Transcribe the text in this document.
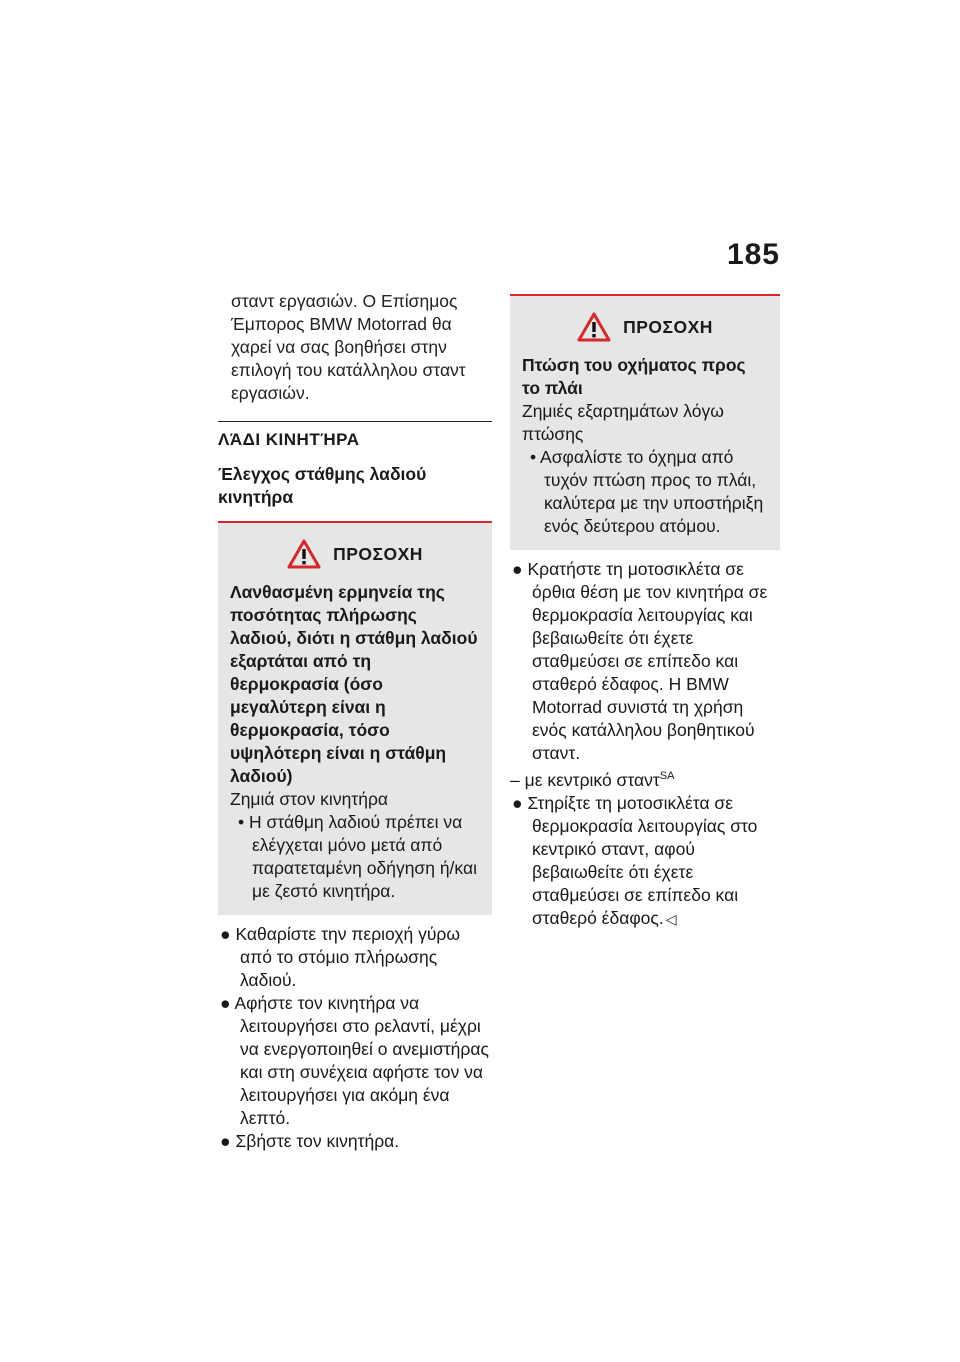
185

σταντ εργασιών. Ο Επίσημος Έμπορος BMW Motorrad θα χαρεί να σας βοηθήσει στην επιλογή του κατάλληλου σταντ εργασιών.

ΛΆΔΙ ΚΙΝΗΤΉΡΑ

Έλεγχος στάθμης λαδιού κινητήρα

ΠΡΟΣΟΧΗ

Λανθασμένη ερμηνεία της ποσότητας πλήρωσης λαδιού, διότι η στάθμη λαδιού εξαρτάται από τη θερμοκρασία (όσο μεγαλύτερη είναι η θερμοκρασία, τόσο υψηλότερη είναι η στάθμη λαδιού)

Ζημιά στον κινητήρα

• Η στάθμη λαδιού πρέπει να ελέγχεται μόνο μετά από παρατεταμένη οδήγηση ή/και με ζεστό κινητήρα.

● Καθαρίστε την περιοχή γύρω από το στόμιο πλήρωσης λαδιού.

● Αφήστε τον κινητήρα να λειτουργήσει στο ρελαντί, μέχρι να ενεργοποιηθεί ο ανεμιστήρας και στη συνέχεια αφήστε τον να λειτουργήσει για ακόμη ένα λεπτό.

● Σβήστε τον κινητήρα.

ΠΡΟΣΟΧΗ

Πτώση του οχήματος προς το πλάι

Ζημιές εξαρτημάτων λόγω πτώσης

• Ασφαλίστε το όχημα από τυχόν πτώση προς το πλάι, καλύτερα με την υποστήριξη ενός δεύτερου ατόμου.

● Κρατήστε τη μοτοσικλέτα σε όρθια θέση με τον κινητήρα σε θερμοκρασία λειτουργίας και βεβαιωθείτε ότι έχετε σταθμεύσει σε επίπεδο και σταθερό έδαφος. Η BMW Motorrad συνιστά τη χρήση ενός κατάλληλου βοηθητικού σταντ.

– με κεντρικό σταντ$^{SA}$

● Στηρίξτε τη μοτοσικλέτα σε θερμοκρασία λειτουργίας στο κεντρικό σταντ, αφού βεβαιωθείτε ότι έχετε σταθμεύσει σε επίπεδο και σταθερό έδαφος. ◁
